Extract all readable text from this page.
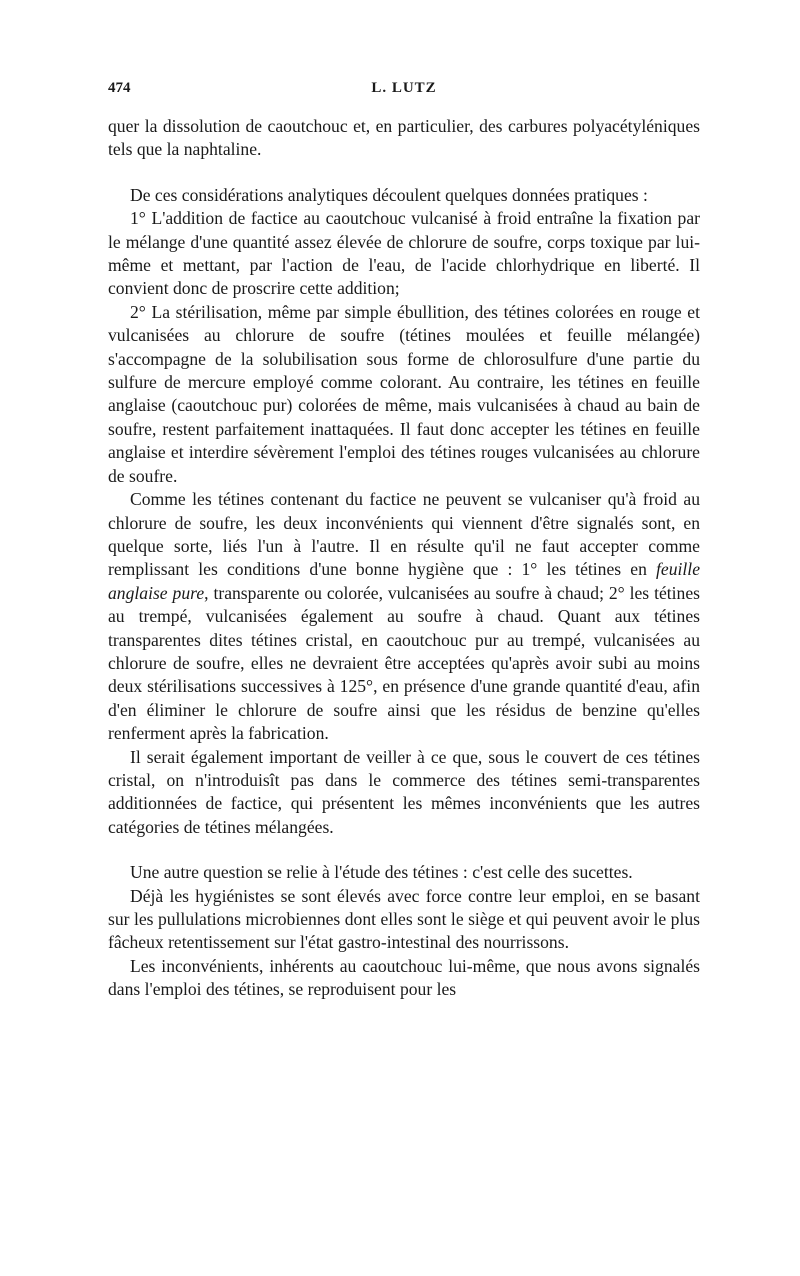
474	L. LUTZ

quer la dissolution de caoutchouc et, en particulier, des carbures polyacétyléniques tels que la naphtaline.

De ces considérations analytiques découlent quelques données pratiques :

1° L'addition de factice au caoutchouc vulcanisé à froid entraîne la fixation par le mélange d'une quantité assez élevée de chlorure de soufre, corps toxique par lui-même et mettant, par l'action de l'eau, de l'acide chlorhydrique en liberté. Il convient donc de proscrire cette addition;

2° La stérilisation, même par simple ébullition, des tétines colorées en rouge et vulcanisées au chlorure de soufre (tétines moulées et feuille mélangée) s'accompagne de la solubilisation sous forme de chlorosulfure d'une partie du sulfure de mercure employé comme colorant. Au contraire, les tétines en feuille anglaise (caoutchouc pur) colorées de même, mais vulcanisées à chaud au bain de soufre, restent parfaitement inattaquées. Il faut donc accepter les tétines en feuille anglaise et interdire sévèrement l'emploi des tétines rouges vulcanisées au chlorure de soufre.

Comme les tétines contenant du factice ne peuvent se vulcaniser qu'à froid au chlorure de soufre, les deux inconvénients qui viennent d'être signalés sont, en quelque sorte, liés l'un à l'autre. Il en résulte qu'il ne faut accepter comme remplissant les conditions d'une bonne hygiène que : 1° les tétines en feuille anglaise pure, transparente ou colorée, vulcanisées au soufre à chaud; 2° les tétines au trempé, vulcanisées également au soufre à chaud. Quant aux tétines transparentes dites tétines cristal, en caoutchouc pur au trempé, vulcanisées au chlorure de soufre, elles ne devraient être acceptées qu'après avoir subi au moins deux stérilisations successives à 125°, en présence d'une grande quantité d'eau, afin d'en éliminer le chlorure de soufre ainsi que les résidus de benzine qu'elles renferment après la fabrication.

Il serait également important de veiller à ce que, sous le couvert de ces tétines cristal, on n'introduisît pas dans le commerce des tétines semi-transparentes additionnées de factice, qui présentent les mêmes inconvénients que les autres catégories de tétines mélangées.

Une autre question se relie à l'étude des tétines : c'est celle des sucettes.

Déjà les hygiénistes se sont élevés avec force contre leur emploi, en se basant sur les pullulations microbiennes dont elles sont le siège et qui peuvent avoir le plus fâcheux retentissement sur l'état gastro-intestinal des nourrissons.

Les inconvénients, inhérents au caoutchouc lui-même, que nous avons signalés dans l'emploi des tétines, se reproduisent pour les
